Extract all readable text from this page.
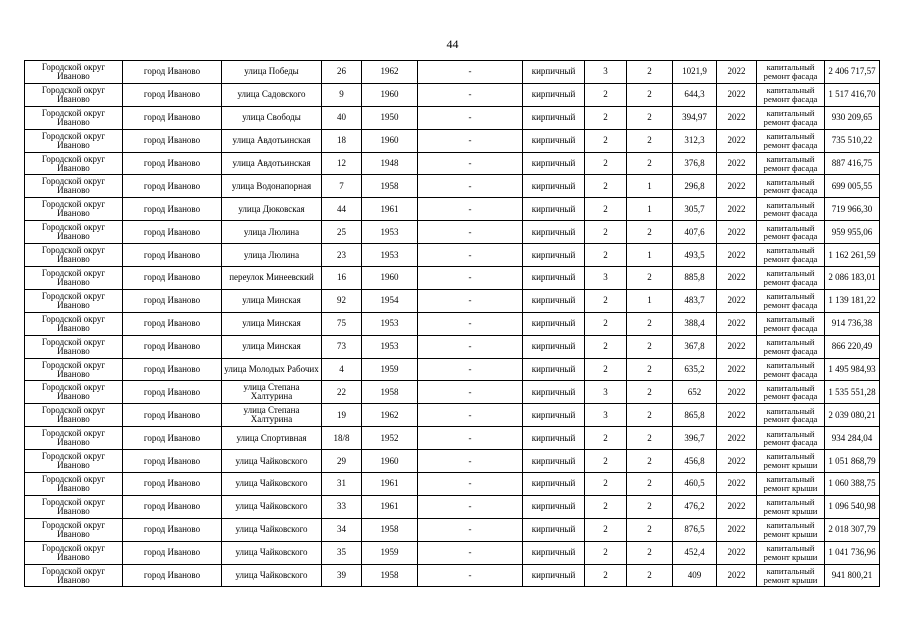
44
Городской округ Иваново	город Иваново	улица Победы	26	1962	-	кирпичный	3	2	1021,9	2022	капитальный ремонт фасада	2 406 717,57
Городской округ Иваново	город Иваново	улица Садовского	9	1960	-	кирпичный	2	2	644,3	2022	капитальный ремонт фасада	1 517 416,70
Городской округ Иваново	город Иваново	улица Свободы	40	1950	-	кирпичный	2	2	394,97	2022	капитальный ремонт фасада	930 209,65
Городской округ Иваново	город Иваново	улица Авдотьинская	18	1960	-	кирпичный	2	2	312,3	2022	капитальный ремонт фасада	735 510,22
Городской округ Иваново	город Иваново	улица Авдотьинская	12	1948	-	кирпичный	2	2	376,8	2022	капитальный ремонт фасада	887 416,75
Городской округ Иваново	город Иваново	улица Водонапорная	7	1958	-	кирпичный	2	1	296,8	2022	капитальный ремонт фасада	699 005,55
Городской округ Иваново	город Иваново	улица Дюковская	44	1961	-	кирпичный	2	1	305,7	2022	капитальный ремонт фасада	719 966,30
Городской округ Иваново	город Иваново	улица Люлина	25	1953	-	кирпичный	2	2	407,6	2022	капитальный ремонт фасада	959 955,06
Городской округ Иваново	город Иваново	улица Люлина	23	1953	-	кирпичный	2	1	493,5	2022	капитальный ремонт фасада	1 162 261,59
Городской округ Иваново	город Иваново	переулок Минеевский	16	1960	-	кирпичный	3	2	885,8	2022	капитальный ремонт фасада	2 086 183,01
Городской округ Иваново	город Иваново	улица Минская	92	1954	-	кирпичный	2	1	483,7	2022	капитальный ремонт фасада	1 139 181,22
Городской округ Иваново	город Иваново	улица Минская	75	1953	-	кирпичный	2	2	388,4	2022	капитальный ремонт фасада	914 736,38
Городской округ Иваново	город Иваново	улица Минская	73	1953	-	кирпичный	2	2	367,8	2022	капитальный ремонт фасада	866 220,49
Городской округ Иваново	город Иваново	улица Молодых Рабочих	4	1959	-	кирпичный	2	2	635,2	2022	капитальный ремонт фасада	1 495 984,93
Городской округ Иваново	город Иваново	улица Степана Халтурина	22	1958	-	кирпичный	3	2	652	2022	капитальный ремонт фасада	1 535 551,28
Городской округ Иваново	город Иваново	улица Степана Халтурина	19	1962	-	кирпичный	3	2	865,8	2022	капитальный ремонт фасада	2 039 080,21
Городской округ Иваново	город Иваново	улица Спортивная	18/8	1952	-	кирпичный	2	2	396,7	2022	капитальный ремонт фасада	934 284,04
Городской округ Иваново	город Иваново	улица Чайковского	29	1960	-	кирпичный	2	2	456,8	2022	капитальный ремонт крыши	1 051 868,79
Городской округ Иваново	город Иваново	улица Чайковского	31	1961	-	кирпичный	2	2	460,5	2022	капитальный ремонт крыши	1 060 388,75
Городской округ Иваново	город Иваново	улица Чайковского	33	1961	-	кирпичный	2	2	476,2	2022	капитальный ремонт крыши	1 096 540,98
Городской округ Иваново	город Иваново	улица Чайковского	34	1958	-	кирпичный	2	2	876,5	2022	капитальный ремонт крыши	2 018 307,79
Городской округ Иваново	город Иваново	улица Чайковского	35	1959	-	кирпичный	2	2	452,4	2022	капитальный ремонт крыши	1 041 736,96
Городской округ Иваново	город Иваново	улица Чайковского	39	1958	-	кирпичный	2	2	409	2022	капитальный ремонт крыши	941 800,21
